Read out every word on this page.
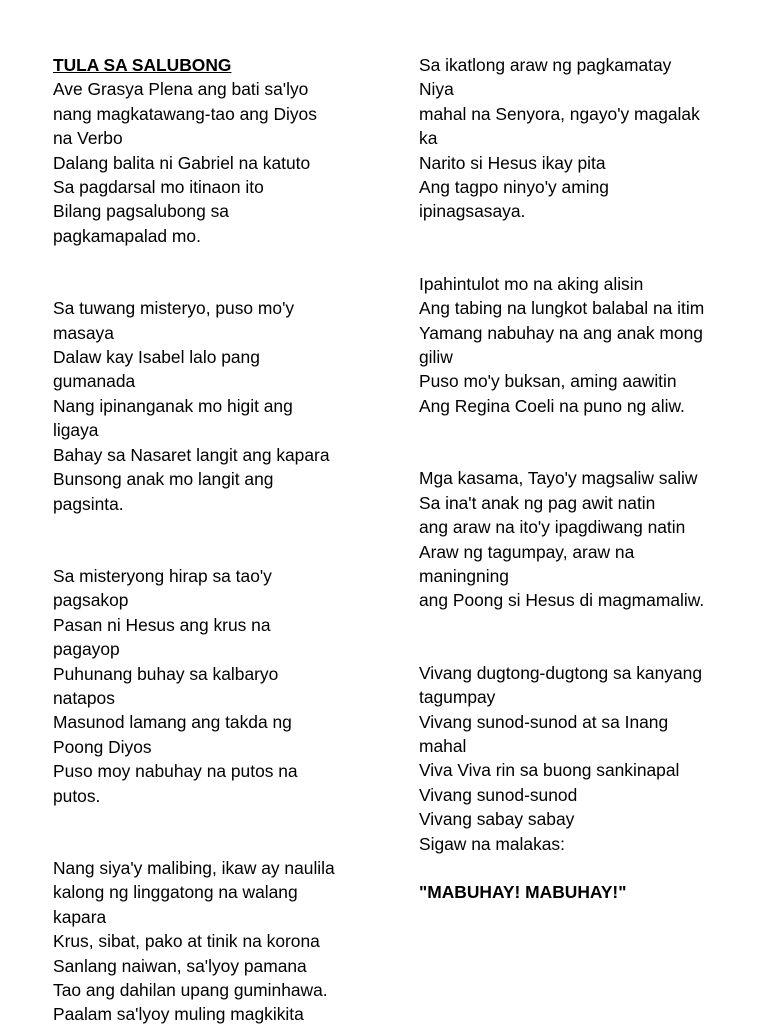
TULA SA SALUBONG
Ave Grasya Plena ang bati sa'lyo
nang magkatawang-tao ang Diyos
na Verbo
Dalang balita ni Gabriel na katuto
Sa pagdarsal mo itinaon ito
Bilang pagsalubong sa
pagkamapalad mo.
Sa tuwang misteryo, puso mo'y
masaya
Dalaw kay Isabel lalo pang
gumanada
Nang ipinanganak mo higit ang
ligaya
Bahay sa Nasaret langit ang kapara
Bunsong anak mo langit ang
pagsinta.
Sa misteryong hirap sa tao'y
pagsakop
Pasan ni Hesus ang krus na
pagayop
Puhunang buhay sa kalbaryo
natapos
Masunod lamang ang takda ng
Poong Diyos
Puso moy nabuhay na putos na
putos.
Nang siya'y malibing, ikaw ay naulila
kalong ng linggatong na walang
kapara
Krus, sibat, pako at tinik na korona
Sanlang naiwan, sa'lyoy pamana
Tao ang dahilan upang guminhawa.
Paalam sa'lyoy muling magkikita
Sa ikatlong araw ng pagkamatay
Niya
mahal na Senyora, ngayo'y magalak
ka
Narito si Hesus ikay pita
Ang tagpo ninyo'y aming
ipinagsasaya.
Ipahintulot mo na aking alisin
Ang tabing na lungkot balabal na itim
Yamang nabuhay na ang anak mong
giliw
Puso mo'y buksan, aming aawitin
Ang Regina Coeli na puno ng aliw.
Mga kasama, Tayo'y magsaliw saliw
Sa ina't anak ng pag awit natin
ang araw na ito'y ipagdiwang natin
Araw ng tagumpay, araw na
maningning
ang Poong si Hesus di magmamaliw.
Vivang dugtong-dugtong sa kanyang
tagumpay
Vivang sunod-sunod at sa Inang
mahal
Viva Viva rin sa buong sankinapal
Vivang sunod-sunod
Vivang sabay sabay
Sigaw na malakas:
"MABUHAY! MABUHAY!"
